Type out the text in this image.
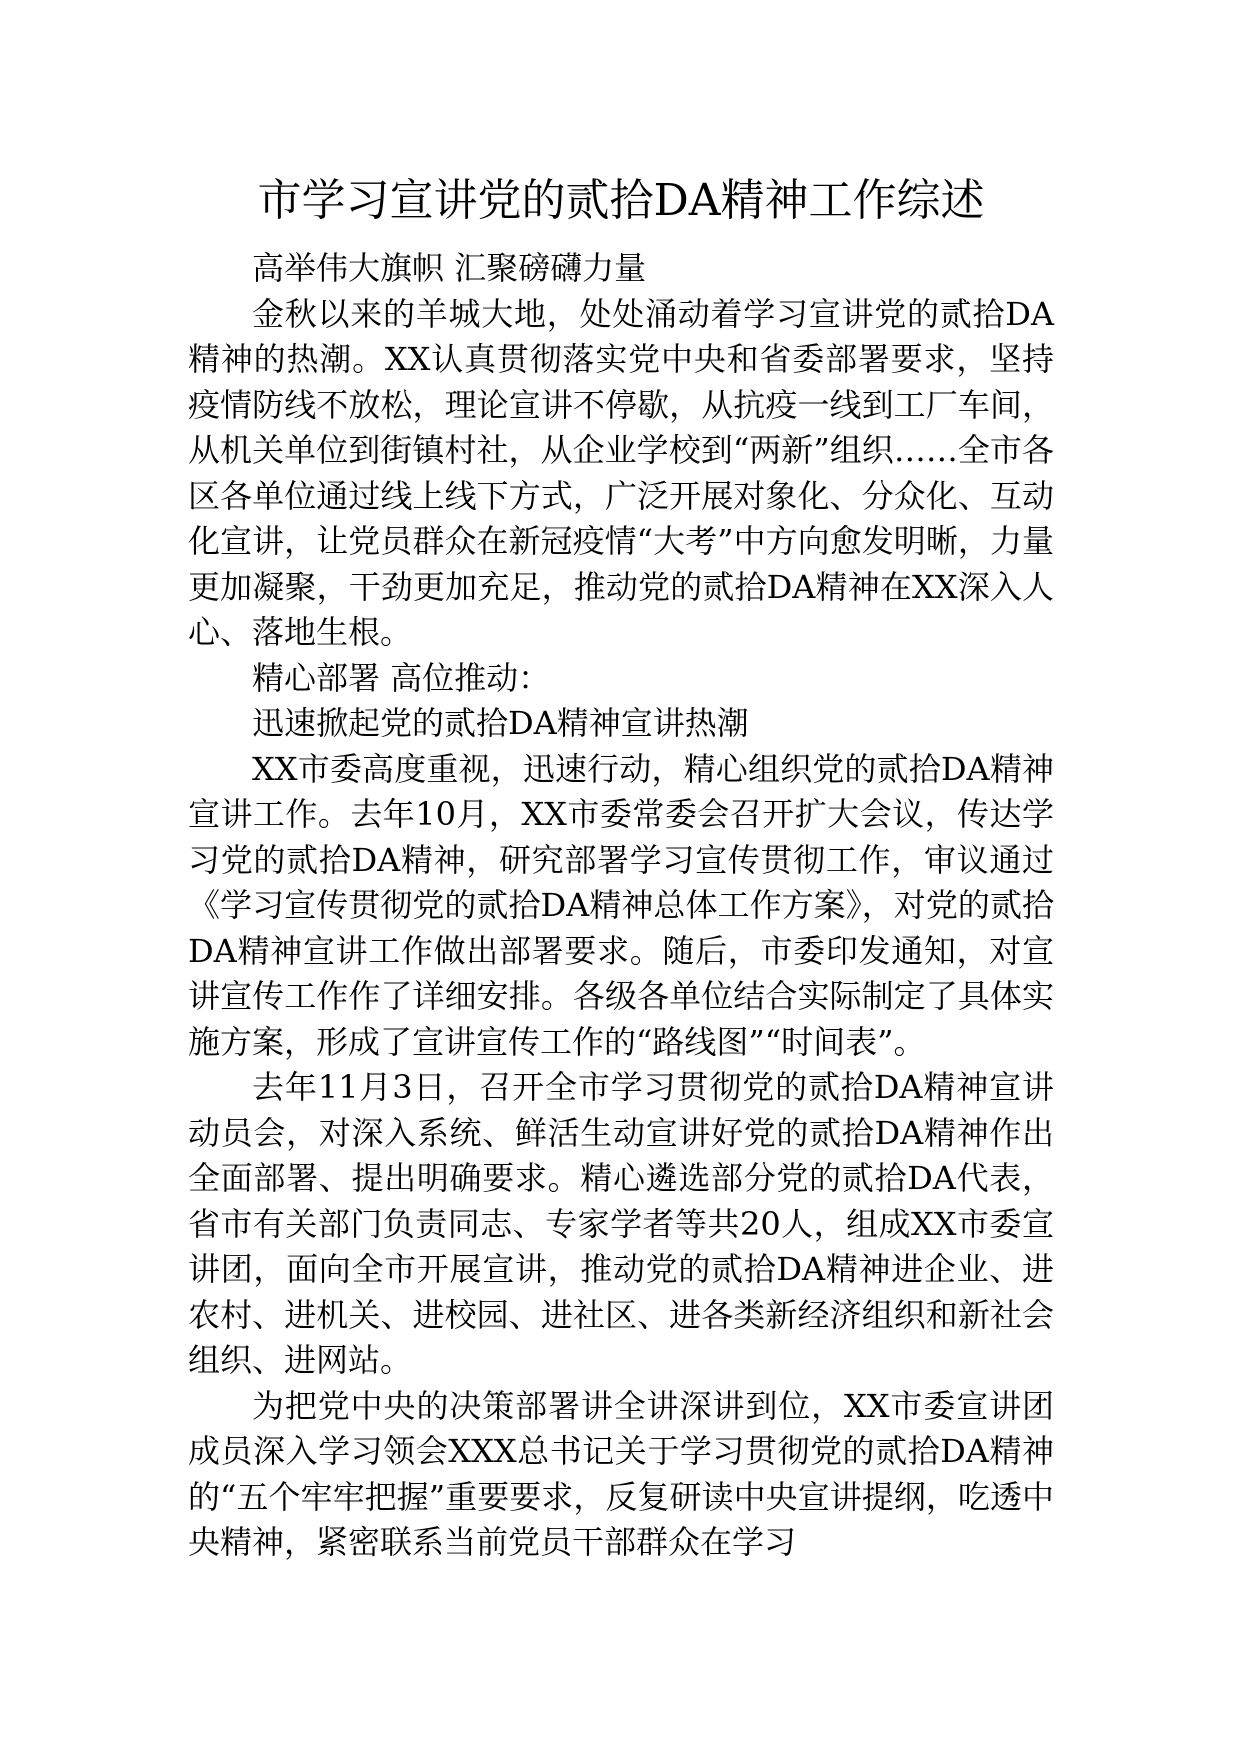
市学习宣讲党的贰拾DA精神工作综述

高举伟大旗帜 汇聚磅礴力量

金秋以来的羊城大地，处处涌动着学习宣讲党的贰拾DA精神的热潮。XX认真贯彻落实党中央和省委部署要求，坚持疫情防线不放松，理论宣讲不停歇，从抗疫一线到工厂车间，从机关单位到街镇村社，从企业学校到“两新”组织……全市各区各单位通过线上线下方式，广泛开展对象化、分众化、互动化宣讲，让党员群众在新冠疫情“大考”中方向愈发明晰，力量更加凝聚，干劲更加充足，推动党的贰拾DA精神在XX深入人心、落地生根。

精心部署 高位推动：

迅速掀起党的贰拾DA精神宣讲热潮

XX市委高度重视，迅速行动，精心组织党的贰拾DA精神宣讲工作。去年10月，XX市委常委会召开扩大会议，传达学习党的贰拾DA精神，研究部署学习宣传贯彻工作，审议通过《学习宣传贯彻党的贰拾DA精神总体工作方案》，对党的贰拾DA精神宣讲工作做出部署要求。随后，市委印发通知，对宣讲宣传工作作了详细安排。各级各单位结合实际制定了具体实施方案，形成了宣讲宣传工作的“路线图”“时间表”。

去年11月3日，召开全市学习贯彻党的贰拾DA精神宣讲动员会，对深入系统、鲜活生动宣讲好党的贰拾DA精神作出全面部署、提出明确要求。精心遴选部分党的贰拾DA代表，省市有关部门负责同志、专家学者等共20人，组成XX市委宣讲团，面向全市开展宣讲，推动党的贰拾DA精神进企业、进农村、进机关、进校园、进社区、进各类新经济组织和新社会组织、进网站。

为把党中央的决策部署讲全讲深讲到位，XX市委宣讲团成员深入学习领会XXX总书记关于学习贯彻党的贰拾DA精神的“五个牢牢把握”重要要求，反复研读中央宣讲提纲，吃透中央精神，紧密联系当前党员干部群众在学习
